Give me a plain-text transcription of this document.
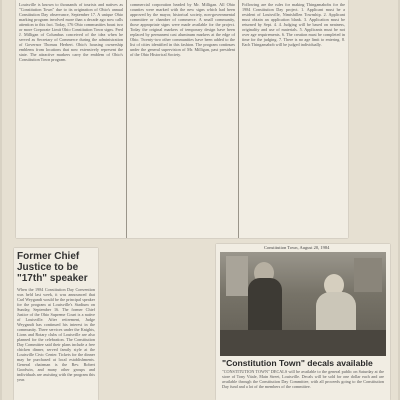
Louisville is known to thousands of tourists and natives as "Constitution Town" due to its origination of Ohio's annual Constitution Day observance, September 17. A unique Ohio marking program involved more than a decade ago now calls attention to this fact. Today, 176 Ohio communities boast two or more Corporate Limit Ohio Constitution Town signs. Fred J. Milligan of Columbus conceived of the idea when he served as Secretary of Commerce during the administration of Governor Thomas Herbert. Ohio's housing ownership emblems from locations that now extensively represent the state. The attractive markers carry the emblem of Ohio's Constitution Town program.
commercial corporation headed by Mr. Milligan. All Ohio counties were marked with the new signs which had been approved by the mayor, historical society, non-governmental committee or chamber of commerce. A small community, those appropriate signs were made available for the project. Today the original markers of temporary design have been replaced by permanent cast aluminum markers at the edge of Ohio. Twenty-two other communities have been added to the list of cities identified in this fashion. The program continues under the general supervision of Mr. Milligan, past president of the Ohio Historical Society.
Following are the rules for making Thingamabobs for the 1984 Constitution Day project. 1. Applicant must be a resident of Louisville, Nimishillen Township. 2. Applicant must obtain an application blank. 3. Application must be returned by Sept. 4. 4. Judging will be based on neatness, originality and use of materials. 5. Applicants must be not over age requirements. 6. The creation must be completed in time for the judging. 7. There is no age limit to entering. 8. Each Thingamabob will be judged individually.
Former Chief Justice to be "17th" speaker
When the 1984 Constitution Day Convention was held last week, it was announced that Carl Weygandt would be the principal speaker for the program at Louisville's Stadium on Sunday, September 16. The former Chief Justice of the Ohio Supreme Court is a native of Louisville. After retirement, Judge Weygandt has continued his interest in the community. Three services under the Knights, Lions and Rotary clubs of Louisville are also planned for the celebration. The Constitution Day Committee said their plans include a free chicken dinner, served family style at the Louisville Civic Center. Tickets for the dinner may be purchased at local establishments. General chairman is the Rev. Robert Goodwin, and many other groups and individuals are assisting with the program this year.
Constitution Town, August 20, 1984
"Constitution Town" decals available
"CONSTITUTION TOWN" DECALS will be available to the general public on Saturday at the store of Tony Vitale, Main Street, Louisville. Decals will be sold for one dollar each and are available through the Constitution Day Committee, with all proceeds going to the Constitution Day fund and a lot of the members of the committee.
